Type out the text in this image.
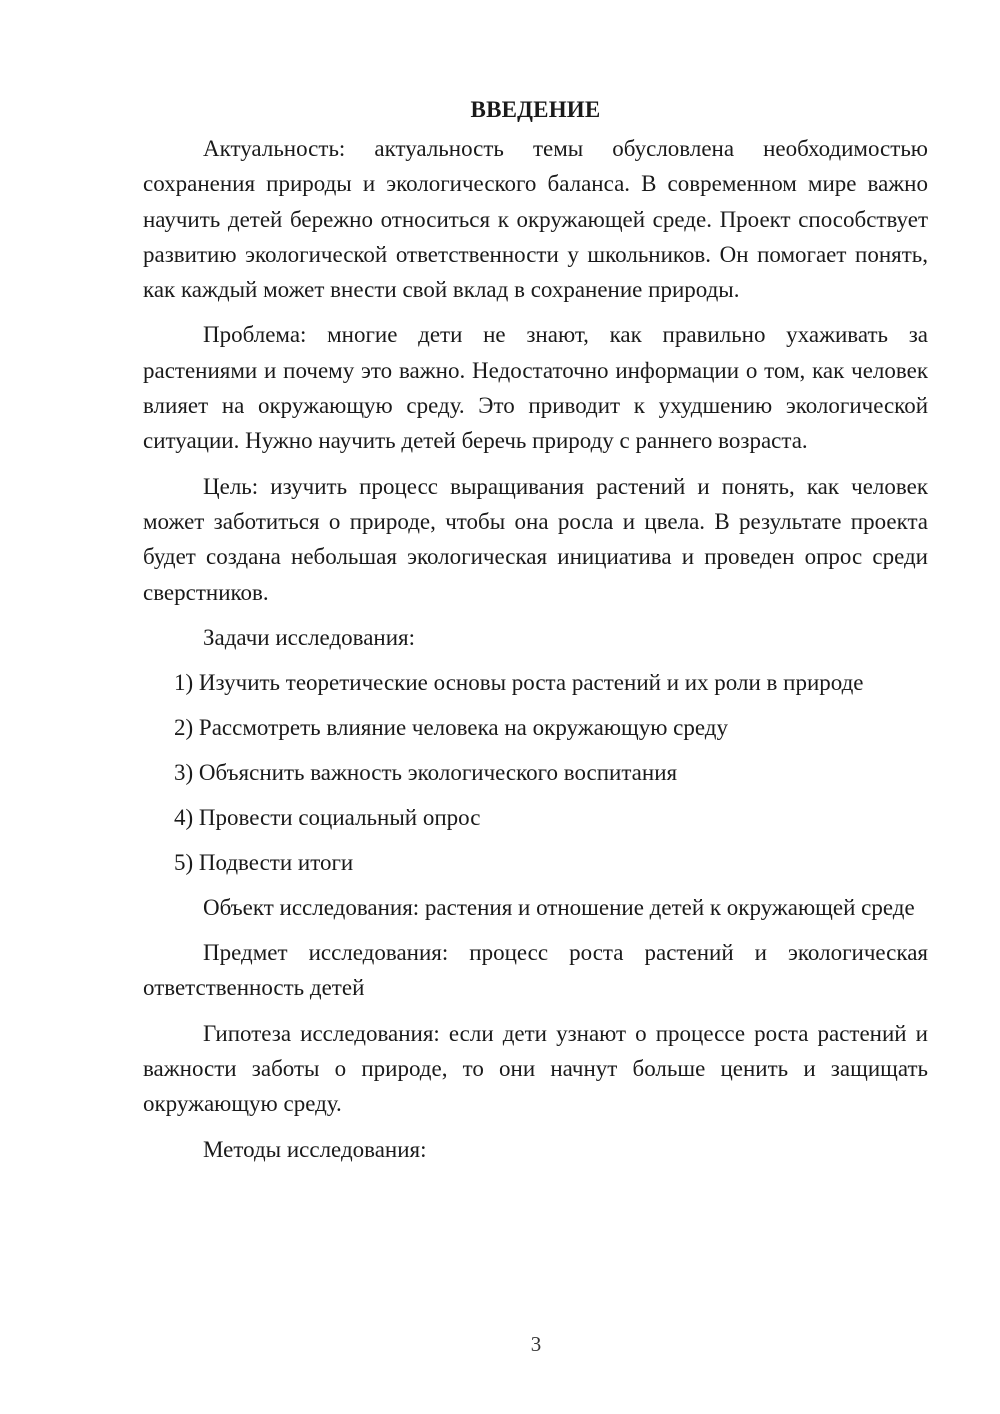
ВВЕДЕНИЕ

Актуальность: актуальность темы обусловлена необходимостью сохранения природы и экологического баланса. В современном мире важно научить детей бережно относиться к окружающей среде. Проект способствует развитию экологической ответственности у школьников. Он помогает понять, как каждый может внести свой вклад в сохранение природы.

Проблема: многие дети не знают, как правильно ухаживать за растениями и почему это важно. Недостаточно информации о том, как человек влияет на окружающую среду. Это приводит к ухудшению экологической ситуации. Нужно научить детей беречь природу с раннего возраста.

Цель: изучить процесс выращивания растений и понять, как человек может заботиться о природе, чтобы она росла и цвела. В результате проекта будет создана небольшая экологическая инициатива и проведен опрос среди сверстников.

Задачи исследования:

1) Изучить теоретические основы роста растений и их роли в природе

2) Рассмотреть влияние человека на окружающую среду

3) Объяснить важность экологического воспитания

4) Провести социальный опрос

5) Подвести итоги

Объект исследования: растения и отношение детей к окружающей среде

Предмет исследования: процесс роста растений и экологическая ответственность детей

Гипотеза исследования: если дети узнают о процессе роста растений и важности заботы о природе, то они начнут больше ценить и защищать окружающую среду.

Методы исследования:

3
